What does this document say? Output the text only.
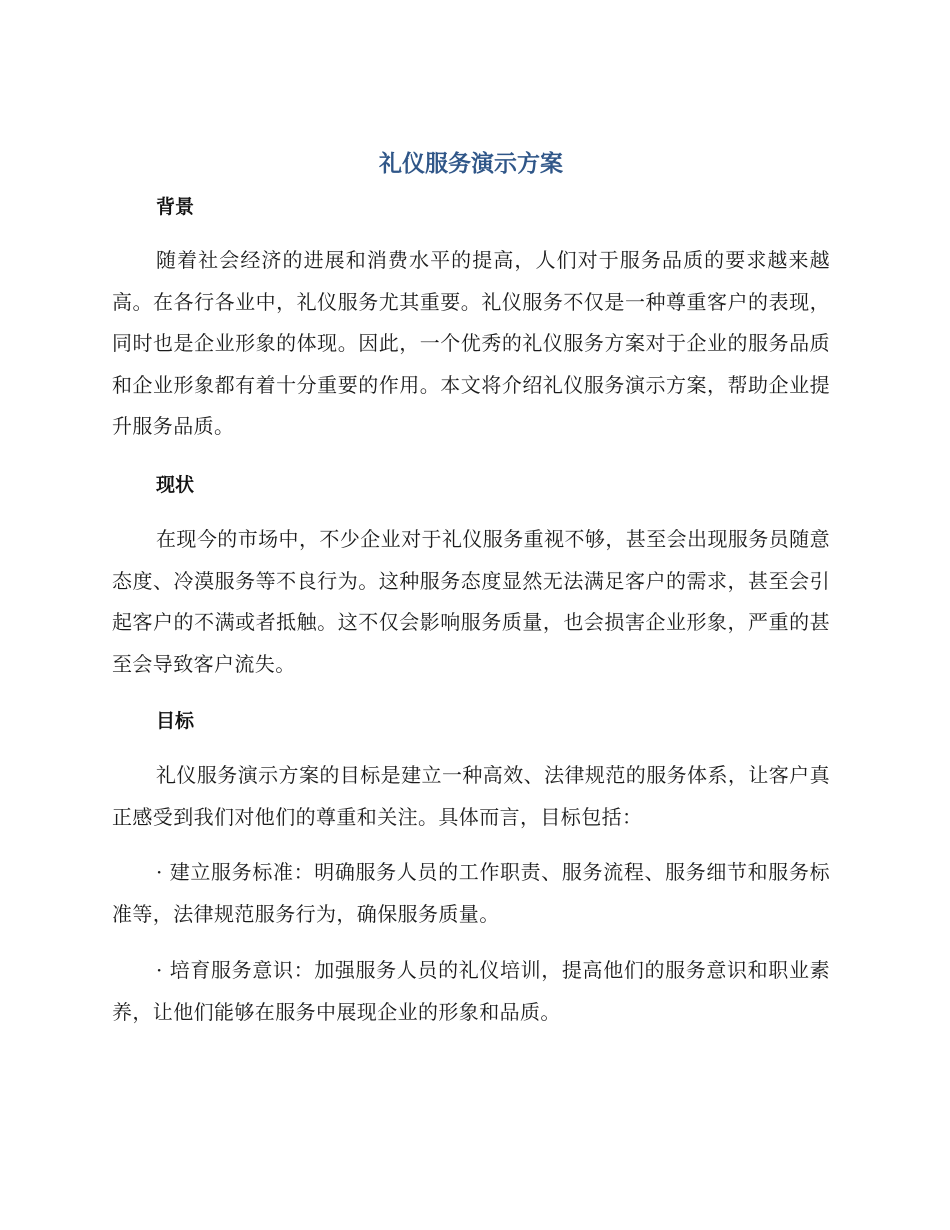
礼仪服务演示方案
背景

随着社会经济的进展和消费水平的提高，人们对于服务品质的要求越来越高。在各行各业中，礼仪服务尤其重要。礼仪服务不仅是一种尊重客户的表现，同时也是企业形象的体现。因此，一个优秀的礼仪服务方案对于企业的服务品质和企业形象都有着十分重要的作用。本文将介绍礼仪服务演示方案，帮助企业提升服务品质。

现状

在现今的市场中，不少企业对于礼仪服务重视不够，甚至会出现服务员随意态度、冷漠服务等不良行为。这种服务态度显然无法满足客户的需求，甚至会引起客户的不满或者抵触。这不仅会影响服务质量，也会损害企业形象，严重的甚至会导致客户流失。

目标

礼仪服务演示方案的目标是建立一种高效、法律规范的服务体系，让客户真正感受到我们对他们的尊重和关注。具体而言，目标包括：

· 建立服务标准：明确服务人员的工作职责、服务流程、服务细节和服务标准等，法律规范服务行为，确保服务质量。

· 培育服务意识：加强服务人员的礼仪培训，提高他们的服务意识和职业素养，让他们能够在服务中展现企业的形象和品质。
